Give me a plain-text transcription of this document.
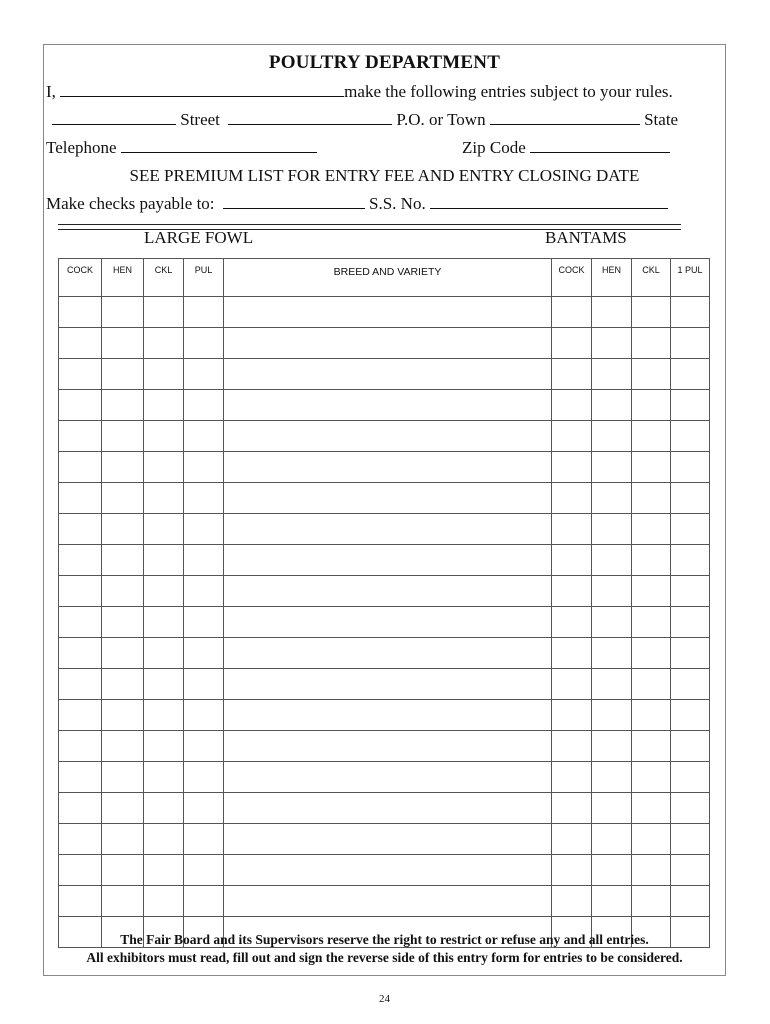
POULTRY DEPARTMENT
I,	make the following entries subject to your rules.
Street	P.O. or Town	State
Telephone	Zip Code
SEE PREMIUM LIST FOR ENTRY FEE AND ENTRY CLOSING DATE
Make checks payable to:	S.S. No.
LARGE FOWL	BANTAMS
COCK	HEN	CKL	PUL	BREED AND VARIETY	COCK	HEN	CKL	1 PUL

The Fair Board and its Supervisors reserve the right to restrict or refuse any and all entries.
All exhibitors must read, fill out and sign the reverse side of this entry form for entries to be considered.
24
